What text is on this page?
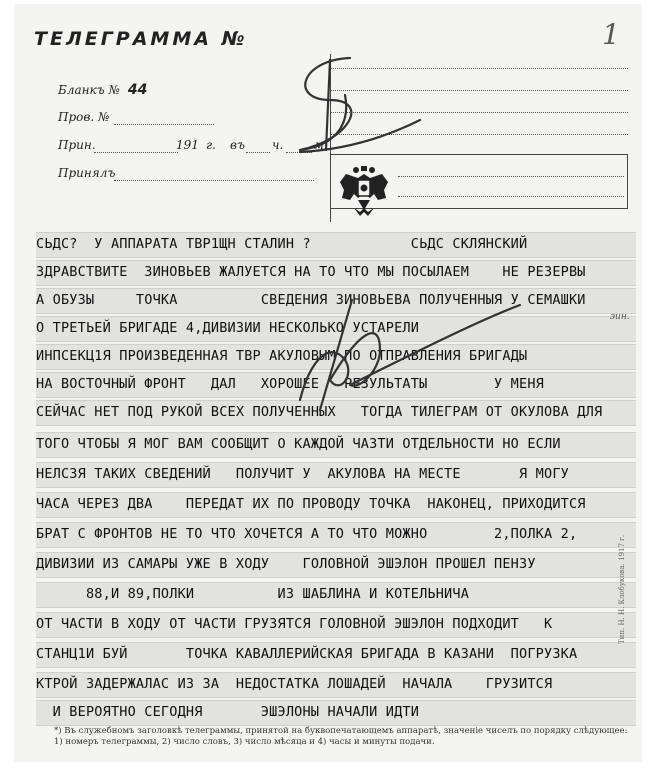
ТЕЛЕГРАММА №	1
Бланкъ № 44
Пров. №
Прин.	191 г. въ ч.	м.
Принялъ
СЬДС?  У АППАРАТА ТВР1ЩН СТАЛИН ?            СЬДС СКЛЯНСКИЙ
ЗДРАВСТВИТЕ  ЗИНОВЬЕВ ЖАЛУЕТСЯ НА ТО ЧТО МЫ ПОСЫЛАЕМ    НЕ РЕЗЕРВЫ
А ОБУЗЫ     ТОЧКА          СВЕДЕНИЯ ЗИНОВЬЕВА ПОЛУЧЕННЫЯ У СЕМАШКИ
О ТРЕТЬЕЙ БРИГАДЕ 4,ДИВИЗИИ НЕСКОЛЬКО УСТАРЕЛИ
ИНПСЕКЦ1Я ПРОИЗВЕДЕННАЯ ТВР АКУЛОВЫМ ПО ОТПРАВЛЕНИЯ БРИГАДЫ
НА ВОСТОЧНЫЙ ФРОНТ   ДАЛ   ХОРОШЕЕ   РЕЗУЛЬТАТЫ        У МЕНЯ
СЕЙЧАС НЕТ ПОД РУКОЙ ВСЕХ ПОЛУЧЕННЫХ   ТОГДА ТИЛЕГРАМ ОТ ОКУЛОВА ДЛЯ
ТОГО ЧТОБЫ Я МОГ ВАМ СООБЩИТ О КАЖДОЙ ЧАЗТИ ОТДЕЛЬНОСТИ НО ЕСЛИ
НЕЛСЗЯ ТАКИХ СВЕДЕНИЙ   ПОЛУЧИТ У  АКУЛОВА НА МЕСТЕ       Я МОГУ
ЧАСА ЧЕРЕЗ ДВА    ПЕРЕДАТ ИХ ПО ПРОВОДУ ТОЧКА  НАКОНЕЦ, ПРИХОДИТСЯ
БРАТ С ФРОНТОВ НЕ ТО ЧТО ХОЧЕТСЯ А ТО ЧТО МОЖНО        2,ПОЛКА 2,
ДИВИЗИИ ИЗ САМАРЫ УЖЕ В ХОДУ    ГОЛОВНОЙ ЭШЭЛОН ПРОШЕЛ ПЕНЗУ
88,И 89,ПОЛКИ          ИЗ ШАБЛИНА И КОТЕЛЬНИЧА
ОТ ЧАСТИ В ХОДУ ОТ ЧАСТИ ГРУЗЯТСЯ ГОЛОВНОЙ ЭШЭЛОН ПОДХОДИТ   К
СТАНЦ1И БУЙ       ТОЧКА КАВАЛЛЕРИЙСКАЯ БРИГАДА В КАЗАНИ  ПОГРУЗКА
КТРОЙ ЗАДЕРЖАЛАС ИЗ ЗА  НЕДОСТАТКА ЛОШАДЕЙ  НАЧАЛА    ГРУЗИТСЯ
И ВЕРОЯТНО СЕГОДНЯ       ЭШЭЛОНЫ НАЧАЛИ ИДТИ
эин.
Тип. Н. Н. Клобукова. 1917 г.
*) Въ служебномъ заголовкѣ телеграммы, принятой на буквопечатающемъ аппаратѣ, значеніе чиселъ по порядку слѣдующее: 1) номеръ телеграммы, 2) число словъ, 3) число мѣсяца и 4) часы и минуты подачи.
